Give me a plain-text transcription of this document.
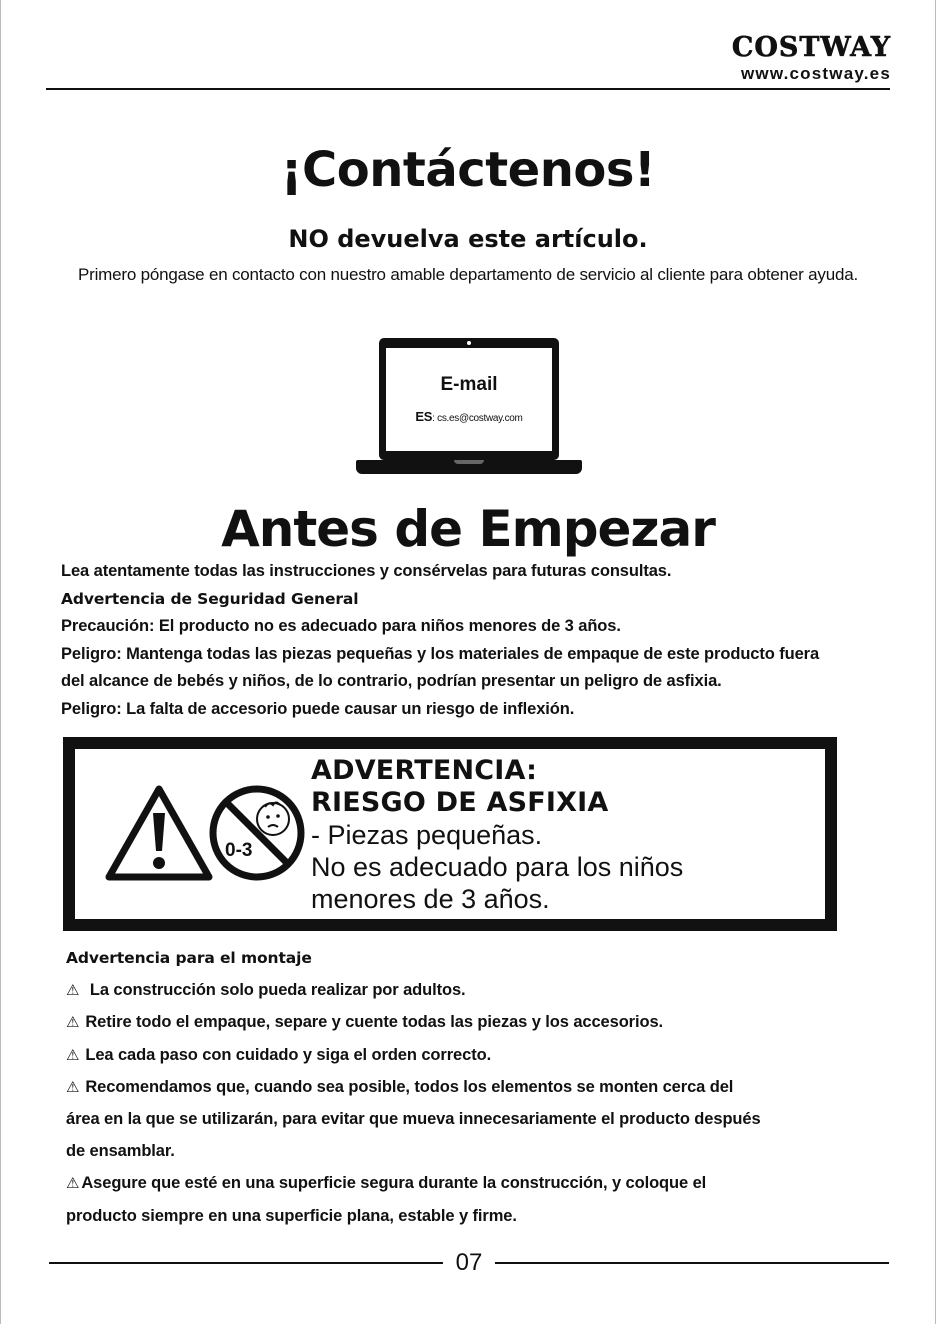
COSTWAY
www.costway.es
¡Contáctenos!
NO devuelva este artículo.
Primero póngase en contacto con nuestro amable departamento de servicio al cliente para obtener ayuda.
E-mail
ES: cs.es@costway.com
Antes de Empezar

Lea atentamente todas las instrucciones y consérvelas para futuras consultas.

Advertencia de Seguridad General

Precaución: El producto no es adecuado para niños menores de 3 años.

Peligro: Mantenga todas las piezas pequeñas y los materiales de empaque de este producto fuera

del alcance de bebés y niños, de lo contrario, podrían presentar un peligro de asfixia.

Peligro: La falta de accesorio puede causar un riesgo de inflexión.

0-3
ADVERTENCIA:
RIESGO DE ASFIXIA
- Piezas pequeñas.
No es adecuado para los niños
menores de 3 años.

Advertencia para el montaje

⚠ La construcción solo pueda realizar por adultos.

⚠ Retire todo el empaque, separe y cuente todas las piezas y los accesorios.

⚠ Lea cada paso con cuidado y siga el orden correcto.

⚠ Recomendamos que, cuando sea posible, todos los elementos se monten cerca del

área en la que se utilizarán, para evitar que mueva innecesariamente el producto después

de ensamblar.

⚠ Asegure que esté en una superficie segura durante la construcción, y coloque el

producto siempre en una superficie plana, estable y firme.

07
